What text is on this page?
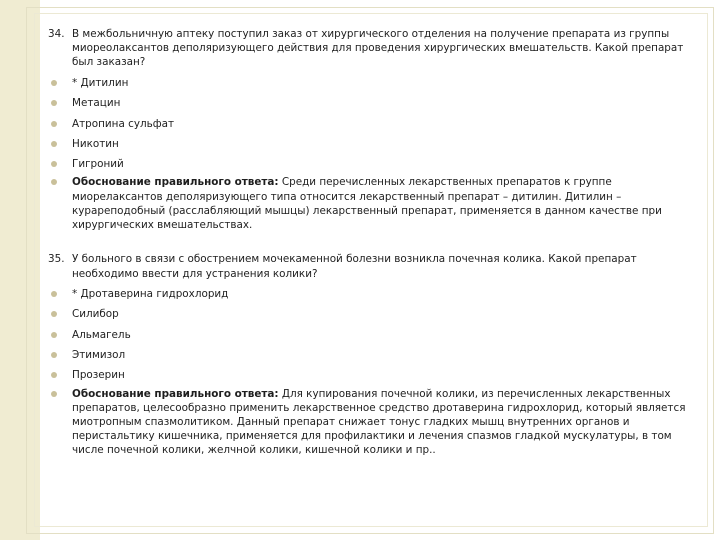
34. В межбольничную аптеку поступил заказ от хирургического отделения на получение препарата из группы миореолаксантов деполяризующего действия для проведения хирургических вмешательств. Какой препарат был заказан?

* Дитилин
Метацин
Атропина сульфат
Никотин
Гигроний
Обоснование правильного ответа: Среди перечисленных лекарственных препаратов к группе миорелаксантов деполяризующего типа относится лекарственный препарат – дитилин. Дитилин – курареподобный (расслабляющий мышцы) лекарственный препарат, применяется в данном качестве при хирургических вмешательствах.

35. У больного в связи с обострением мочекаменной болезни возникла почечная колика. Какой препарат необходимо ввести для устранения колики?

* Дротаверина гидрохлорид
Силибор
Альмагель
Этимизол
Прозерин
Обоснование правильного ответа: Для купирования почечной колики, из перечисленных лекарственных препаратов, целесообразно применить лекарственное средство дротаверина гидрохлорид, который является миотропным спазмолитиком. Данный препарат снижает тонус гладких мышц внутренних органов и перистальтику кишечника, применяется для профилактики и лечения спазмов гладкой мускулатуры, в том числе почечной колики, желчной колики, кишечной колики и пр..
